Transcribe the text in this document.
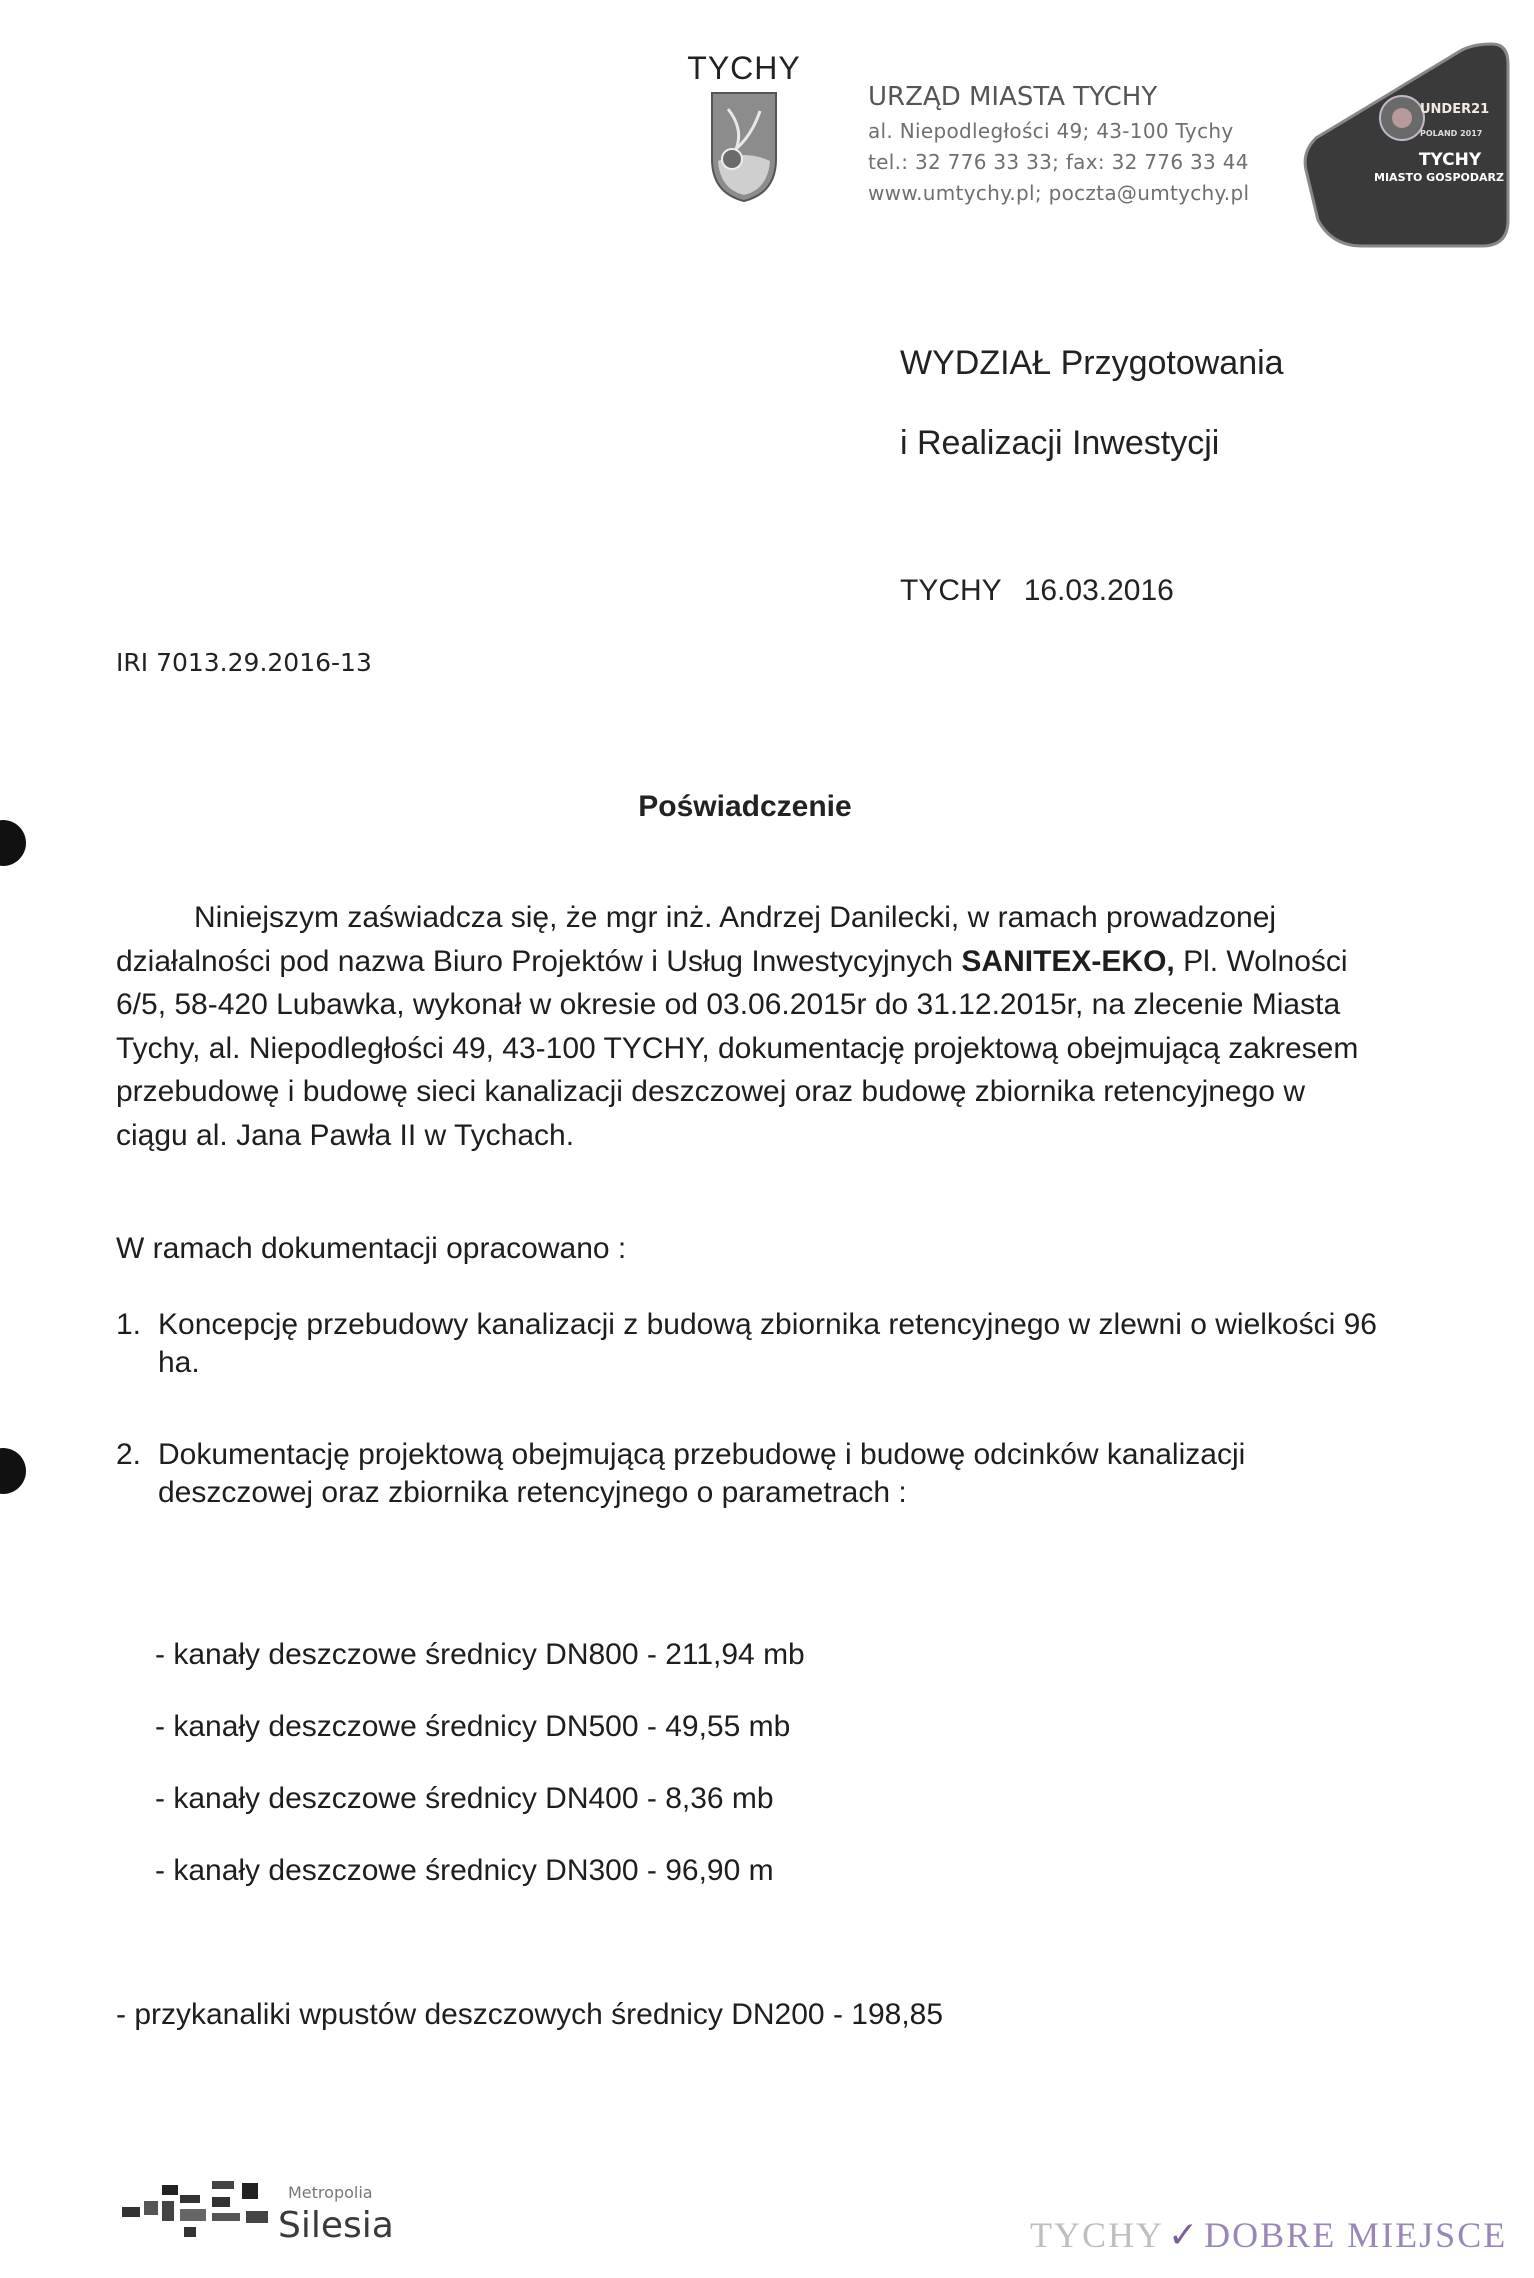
TYCHY
URZĄD MIASTA TYCHY
al. Niepodległości 49; 43-100 Tychy
tel.: 32 776 33 33; fax: 32 776 33 44
www.umtychy.pl; poczta@umtychy.pl
UNDER21
POLAND 2017
TYCHY
MIASTO GOSPODARZ
WYDZIAŁ Przygotowania
i Realizacji Inwestycji
TYCHY 16.03.2016
IRI 7013.29.2016-13
Poświadczenie
Niniejszym zaświadcza się, że mgr inż. Andrzej Danilecki, w ramach prowadzonej działalności pod nazwa Biuro Projektów i Usług Inwestycyjnych SANITEX-EKO, Pl. Wolności 6/5, 58-420 Lubawka, wykonał w okresie od 03.06.2015r do 31.12.2015r, na zlecenie Miasta Tychy, al. Niepodległości 49, 43-100 TYCHY, dokumentację projektową obejmującą zakresem przebudowę i budowę sieci kanalizacji deszczowej oraz budowę zbiornika retencyjnego w ciągu al. Jana Pawła II w Tychach.
W ramach dokumentacji opracowano :
1. Koncepcję przebudowy kanalizacji z budową zbiornika retencyjnego w zlewni o wielkości 96 ha.
2. Dokumentację projektową obejmującą przebudowę i budowę odcinków kanalizacji deszczowej oraz zbiornika retencyjnego o parametrach :
- kanały deszczowe średnicy DN800 - 211,94 mb
- kanały deszczowe średnicy DN500 - 49,55 mb
- kanały deszczowe średnicy DN400 - 8,36 mb
- kanały deszczowe średnicy DN300 - 96,90 m
- przykanaliki wpustów deszczowych średnicy DN200 - 198,85
Metropolia
Silesia	TYCHY ✓ DOBRE MIEJSCE
